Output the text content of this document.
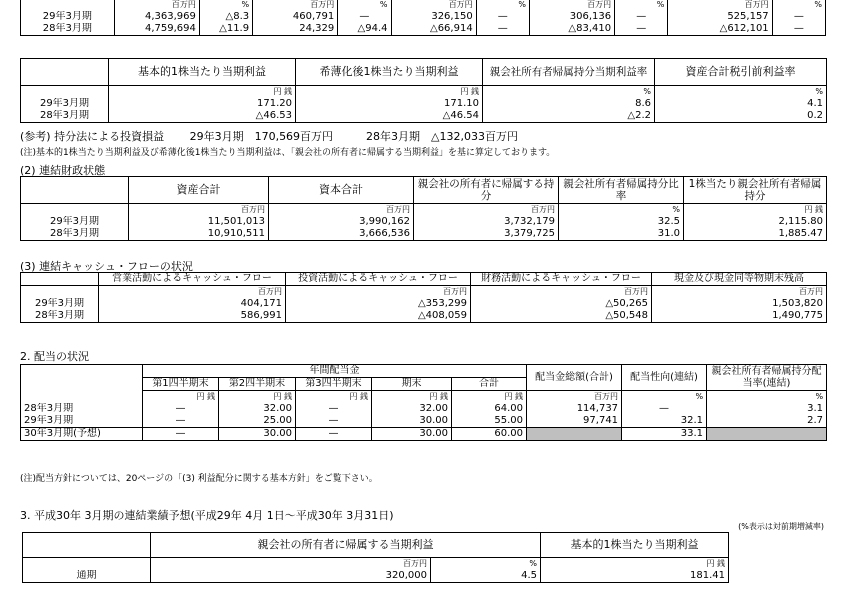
	百万円	%	百万円	%	百万円	%	百万円	%	百万円	%
29年3月期	4,363,969	△8.3	460,791	—	326,150	—	306,136	—	525,157	—
28年3月期	4,759,694	△11.9	24,329	△94.4	△66,914	—	△83,410	—	△612,101	—
	基本的1株当たり当期利益	希薄化後1株当たり当期利益	親会社所有者帰属持分当期利益率	資産合計税引前利益率
	円 銭	円 銭	%	%
29年3月期	171.20	171.10	8.6	4.1
28年3月期	△46.53	△46.54	△2.2	0.2
(参考) 持分法による投資損益 　　29年3月期　170,569百万円　　　28年3月期　△132,033百万円
(注)基本的1株当たり当期利益及び希薄化後1株当たり当期利益は、「親会社の所有者に帰属する当期利益」を基に算定しております。
(2) 連結財政状態
	資産合計	資本合計	親会社の所有者に帰属する持分	親会社所有者帰属持分比率	1株当たり親会社所有者帰属持分
	百万円	百万円	百万円	%	円 銭
29年3月期	11,501,013	3,990,162	3,732,179	32.5	2,115.80
28年3月期	10,910,511	3,666,536	3,379,725	31.0	1,885.47
(3) 連結キャッシュ・フローの状況
	営業活動によるキャッシュ・フロー	投資活動によるキャッシュ・フロー	財務活動によるキャッシュ・フロー	現金及び現金同等物期末残高
	百万円	百万円	百万円	百万円
29年3月期	404,171	△353,299	△50,265	1,503,820
28年3月期	586,991	△408,059	△50,548	1,490,775
2. 配当の状況
	年間配当金					配当金総額(合計)	配当性向(連結)	親会社所有者帰属持分配当率(連結)
	第1四半期末	第2四半期末	第3四半期末	期末	合計			
	円 銭	円 銭	円 銭	円 銭	円 銭	百万円	%	%
28年3月期	—	32.00	—	32.00	64.00	114,737	—	3.1
29年3月期	—	25.00	—	30.00	55.00	97,741	32.1	2.7
30年3月期(予想)	—	30.00	—	30.00	60.00		33.1	
(注)配当方針については、20ページの「(3) 利益配分に関する基本方針」をご覧下さい。
3. 平成30年 3月期の連結業績予想(平成29年 4月 1日～平成30年 3月31日)
(%表示は対前期増減率)
	親会社の所有者に帰属する当期利益		基本的1株当たり当期利益
	百万円	%	円 銭
通期	320,000	4.5	181.41
